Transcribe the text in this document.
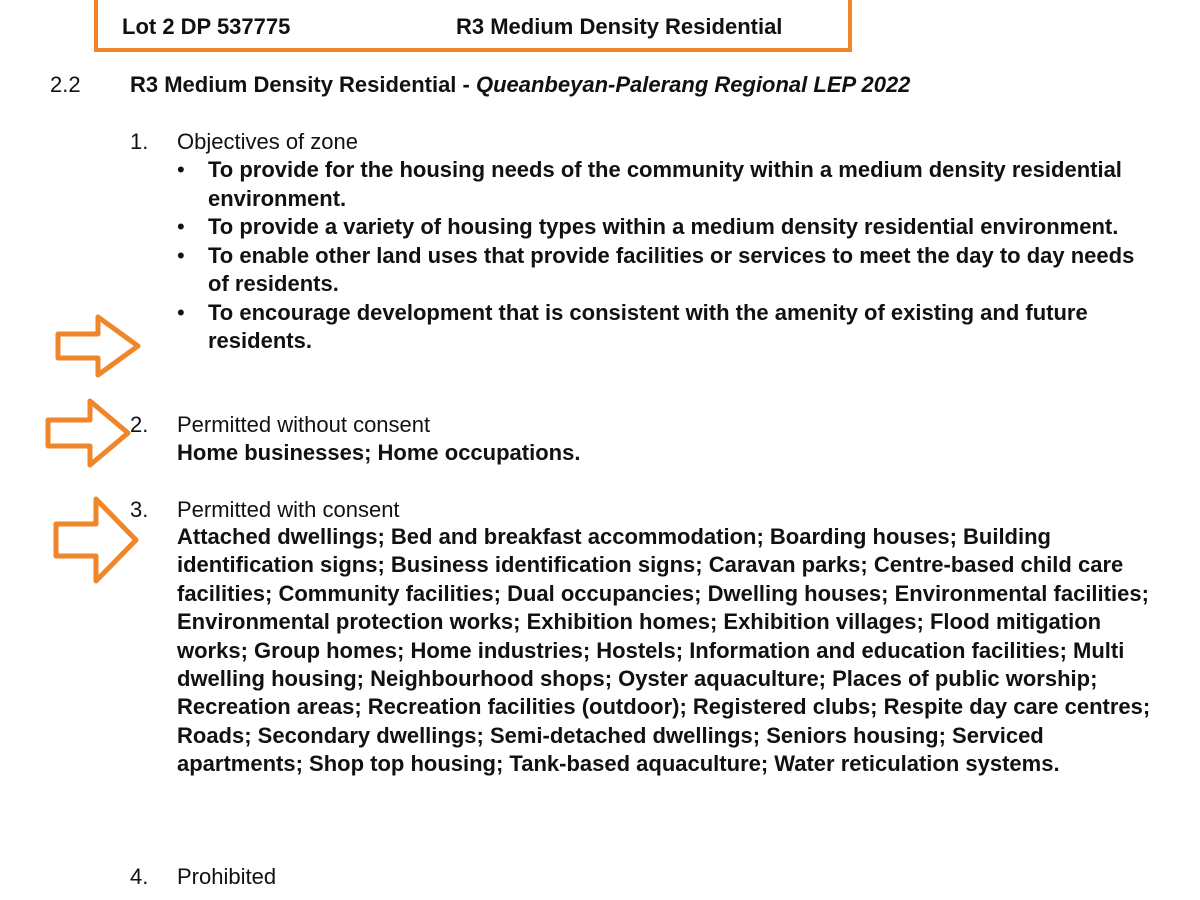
Lot 2 DP 537775	R3 Medium Density Residential
2.2 R3 Medium Density Residential - Queanbeyan-Palerang Regional LEP 2022
1. Objectives of zone
• To provide for the housing needs of the community within a medium density residential environment.
• To provide a variety of housing types within a medium density residential environment.
• To enable other land uses that provide facilities or services to meet the day to day needs of residents.
• To encourage development that is consistent with the amenity of existing and future residents.
2. Permitted without consent
Home businesses; Home occupations.
3. Permitted with consent
Attached dwellings; Bed and breakfast accommodation; Boarding houses; Building identification signs; Business identification signs; Caravan parks; Centre-based child care facilities; Community facilities; Dual occupancies; Dwelling houses; Environmental facilities; Environmental protection works; Exhibition homes; Exhibition villages; Flood mitigation works; Group homes; Home industries; Hostels; Information and education facilities; Multi dwelling housing; Neighbourhood shops; Oyster aquaculture; Places of public worship; Recreation areas; Recreation facilities (outdoor); Registered clubs; Respite day care centres; Roads; Secondary dwellings; Semi-detached dwellings; Seniors housing; Serviced apartments; Shop top housing; Tank-based aquaculture; Water reticulation systems.
4. Prohibited
